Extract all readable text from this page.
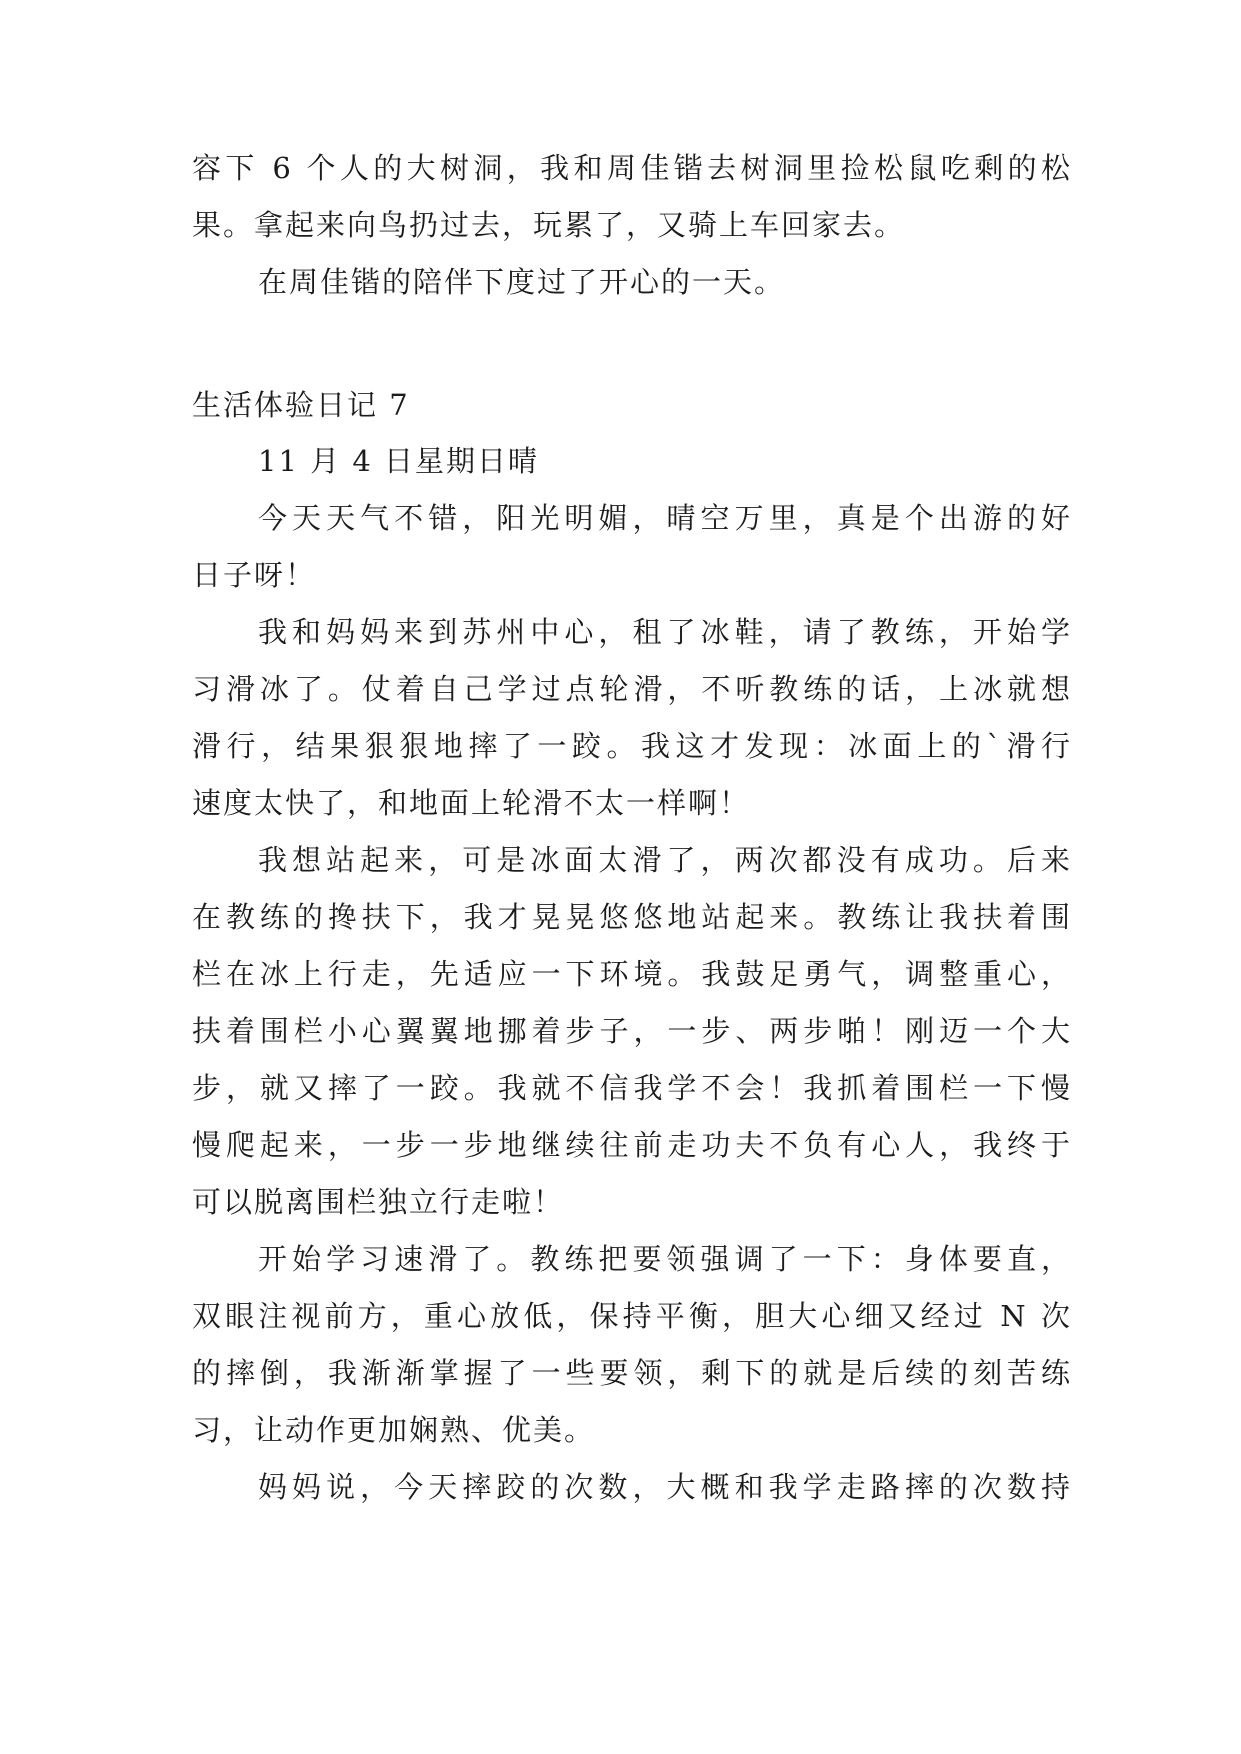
容下 6 个人的大树洞，我和周佳锴去树洞里捡松鼠吃剩的松
果。拿起来向鸟扔过去，玩累了，又骑上车回家去。
在周佳锴的陪伴下度过了开心的一天。
生活体验日记 7
11 月 4 日星期日晴
今天天气不错，阳光明媚，晴空万里，真是个出游的好
日子呀！
我和妈妈来到苏州中心，租了冰鞋，请了教练，开始学
习滑冰了。仗着自己学过点轮滑，不听教练的话，上冰就想
滑行，结果狠狠地摔了一跤。我这才发现：冰面上的`滑行
速度太快了，和地面上轮滑不太一样啊！
我想站起来，可是冰面太滑了，两次都没有成功。后来
在教练的搀扶下，我才晃晃悠悠地站起来。教练让我扶着围
栏在冰上行走，先适应一下环境。我鼓足勇气，调整重心，
扶着围栏小心翼翼地挪着步子，一步、两步啪！刚迈一个大
步，就又摔了一跤。我就不信我学不会！我抓着围栏一下慢
慢爬起来，一步一步地继续往前走功夫不负有心人，我终于
可以脱离围栏独立行走啦！
开始学习速滑了。教练把要领强调了一下：身体要直，
双眼注视前方，重心放低，保持平衡，胆大心细又经过 N 次
的摔倒，我渐渐掌握了一些要领，剩下的就是后续的刻苦练
习，让动作更加娴熟、优美。
妈妈说，今天摔跤的次数，大概和我学走路摔的次数持
